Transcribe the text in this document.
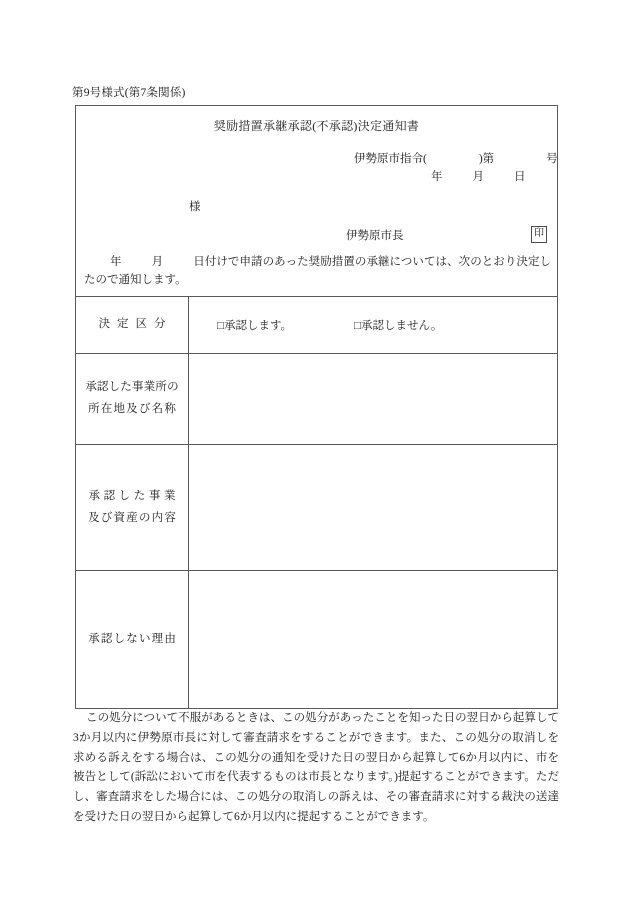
第9号様式(第7条関係)
奨励措置承継承認(不承認)決定通知書
伊勢原市指令(	)第	号
年	月	日
様
伊勢原市長	印
年	月	日付けで申請のあった奨励措置の承継については、次のとおり決定したので通知します。

決定区分	□承認します。 □承認しません。

承認した事業所の
所在地及び名称	

承認した事業
及び資産の内容	

承認しない理由	

この処分について不服があるときは、この処分があったことを知った日の翌日から起算して3か月以内に伊勢原市長に対して審査請求をすることができます。また、この処分の取消しを求める訴えをする場合は、この処分の通知を受けた日の翌日から起算して6か月以内に、市を被告として(訴訟において市を代表するものは市長となります。)提起することができます。ただし、審査請求をした場合には、この処分の取消しの訴えは、その審査請求に対する裁決の送達を受けた日の翌日から起算して6か月以内に提起することができます。
